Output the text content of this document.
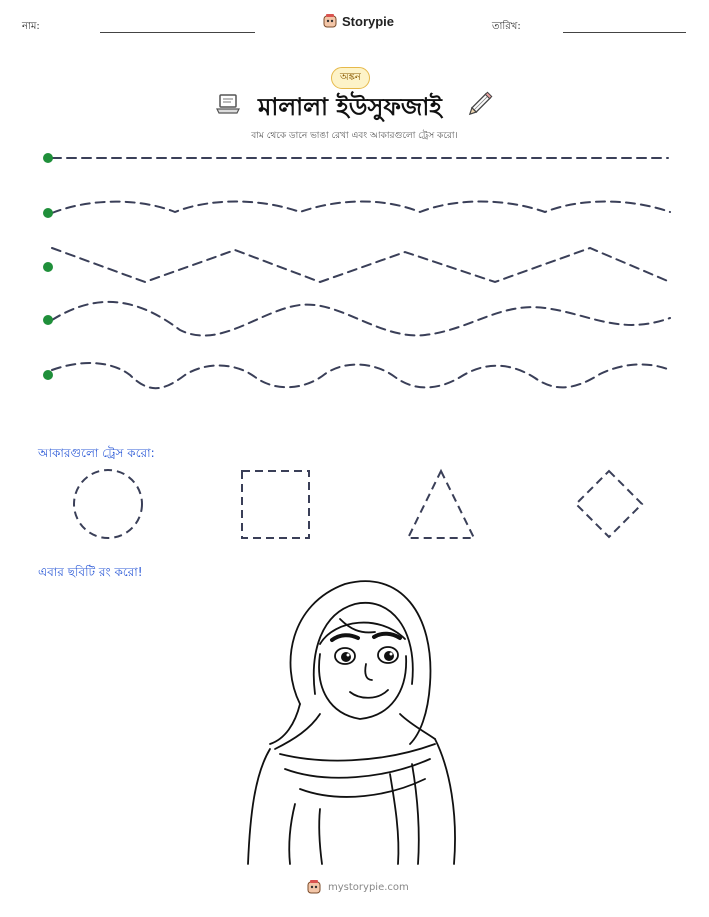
নাম:	Storypie	তারিখ:
অঙ্কন
মালালা ইউসুফজাই
বাম থেকে ডানে ভাঙা রেখা এবং আকারগুলো ট্রেস করো।
আকারগুলো ট্রেস করো:
এবার ছবিটি রং করো!
mystorypie.com
